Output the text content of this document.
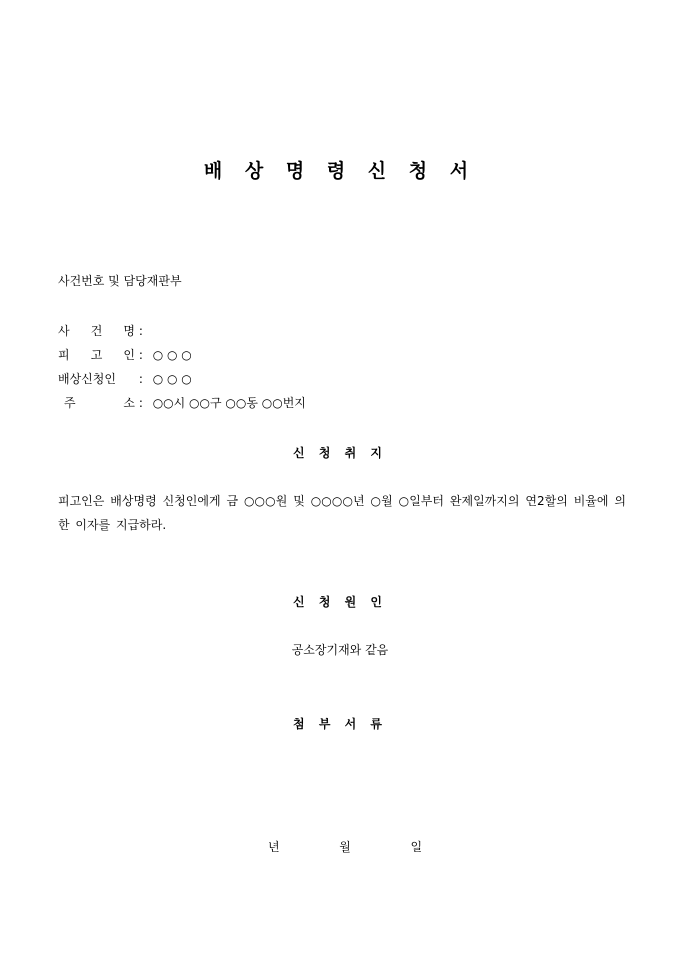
배 상 명 령 신 청 서
사건번호 및 담당재판부
사 건 명 :
피 고 인 : ○ ○ ○
배상신청인 : ○ ○ ○
주	소 : ○○시 ○○구 ○○동 ○○번지
신 청 취 지
피고인은 배상명령 신청인에게 금 ○○○원 및 ○○○○년 ○월 ○일부터 완제일까지의 연2할의 비율에 의한 이자를 지급하라.
신 청 원 인
공소장기재와 같음
첨 부 서 류
년	월	일
